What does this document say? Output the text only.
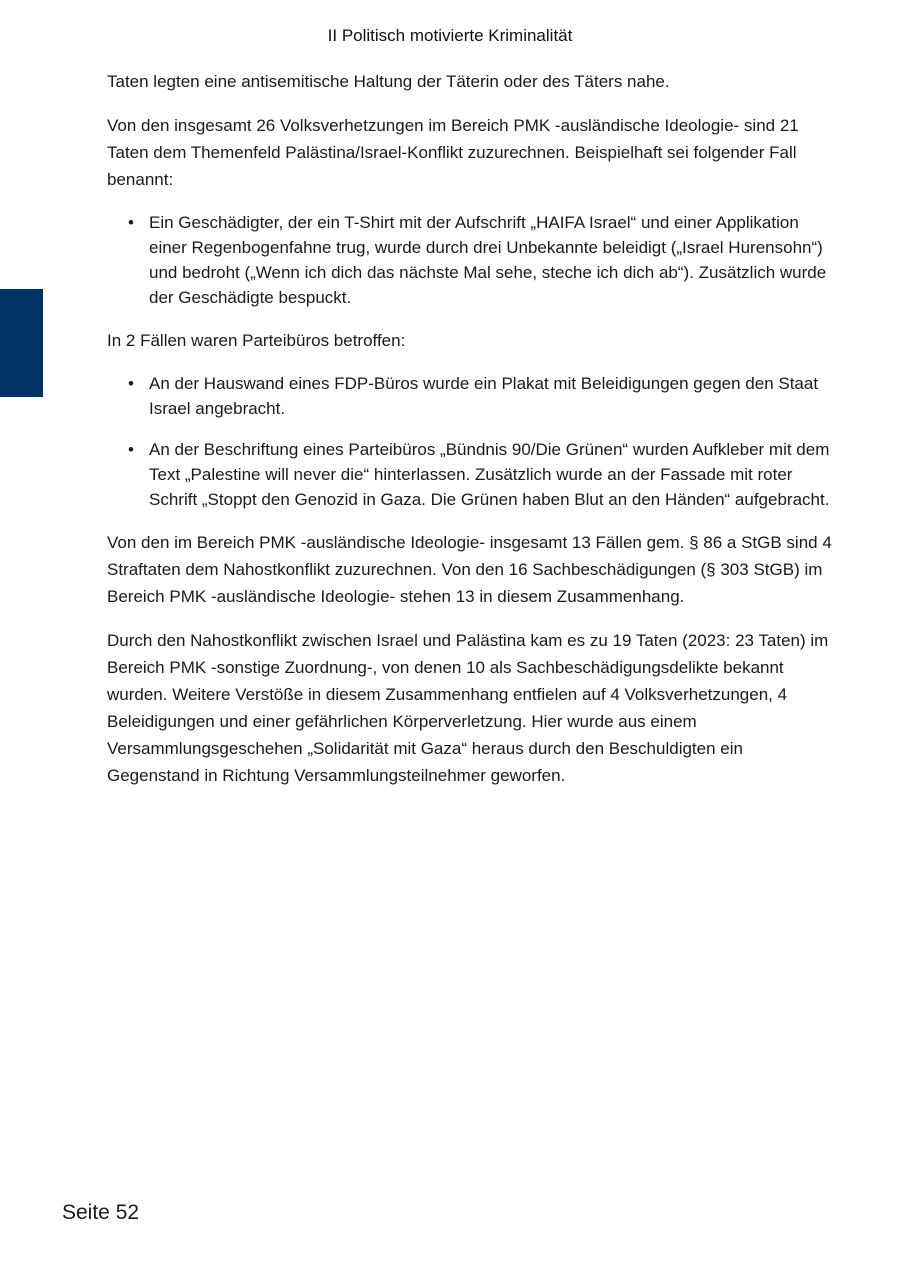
II Politisch motivierte Kriminalität

Taten legten eine antisemitische Haltung der Täterin oder des Täters nahe.

Von den insgesamt 26 Volksverhetzungen im Bereich PMK -ausländische Ideologie- sind 21 Taten dem Themenfeld Palästina/Israel-Konflikt zuzurechnen. Beispielhaft sei folgender Fall benannt:

• Ein Geschädigter, der ein T-Shirt mit der Aufschrift „HAIFA Israel“ und einer Applikation einer Regenbogenfahne trug, wurde durch drei Unbekannte beleidigt („Israel Hurensohn“) und bedroht („Wenn ich dich das nächste Mal sehe, steche ich dich ab“). Zusätzlich wurde der Geschädigte bespuckt.

In 2 Fällen waren Parteibüros betroffen:

• An der Hauswand eines FDP-Büros wurde ein Plakat mit Beleidigungen gegen den Staat Israel angebracht.
• An der Beschriftung eines Parteibüros „Bündnis 90/Die Grünen“ wurden Aufkleber mit dem Text „Palestine will never die“ hinterlassen. Zusätzlich wurde an der Fassade mit roter Schrift „Stoppt den Genozid in Gaza. Die Grünen haben Blut an den Händen“ aufgebracht.

Von den im Bereich PMK -ausländische Ideologie- insgesamt 13 Fällen gem. § 86 a StGB sind 4 Straftaten dem Nahostkonflikt zuzurechnen. Von den 16 Sachbeschädigungen (§ 303 StGB) im Bereich PMK -ausländische Ideologie- stehen 13 in diesem Zusammenhang.

Durch den Nahostkonflikt zwischen Israel und Palästina kam es zu 19 Taten (2023: 23 Taten) im Bereich PMK -sonstige Zuordnung-, von denen 10 als Sachbeschädigungsdelikte bekannt wurden. Weitere Verstöße in diesem Zusammenhang entfielen auf 4 Volksverhetzungen, 4 Beleidigungen und einer gefährlichen Körperverletzung. Hier wurde aus einem Versammlungsgeschehen „Solidarität mit Gaza“ heraus durch den Beschuldigten ein Gegenstand in Richtung Versammlungsteilnehmer geworfen.

Seite 52
